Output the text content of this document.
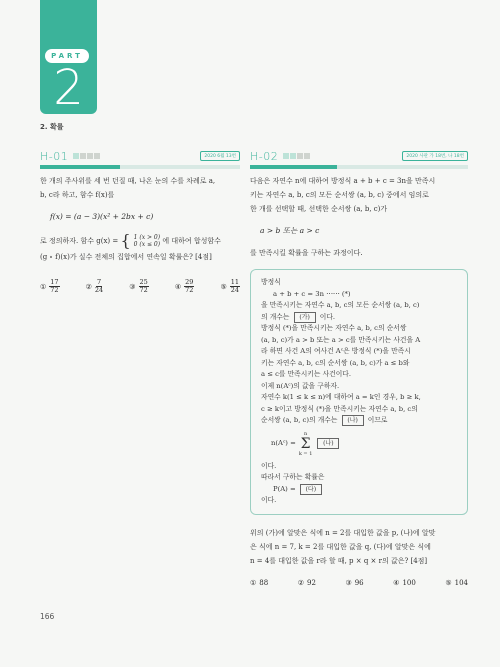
PART
2
2. 확률
H-01	2020 6월 13번

한 개의 주사위를 세 번 던질 때, 나온 눈의 수를 차례로 a,

b, c라 하고, 함수 f(x)를

f(x) = (a − 3)(x² + 2bx + c)

로 정의하자. 함수 g(x) = { 1 (x > 0)
0 (x ≤ 0) 에 대하여 합성함수

(g ∘ f)(x)가 실수 전체의 집합에서 연속일 확률은? [4점]

① $\frac{17}{72}$	② $\frac{7}{24}$	③ $\frac{25}{72}$	④ $\frac{29}{72}$	⑤ $\frac{11}{24}$
H-02	2020 사관 가 18번, 나 18번

다음은 자연수 n에 대하여 방정식 a + b + c = 3n을 만족시

키는 자연수 a, b, c의 모든 순서쌍 (a, b, c) 중에서 임의로

한 개를 선택할 때, 선택한 순서쌍 (a, b, c)가

a > b 또는 a > c

를 만족시킬 확률을 구하는 과정이다.

방정식
a + b + c = 3n ⋯⋯ (*)
을 만족시키는 자연수 a, b, c의 모든 순서쌍 (a, b, c)
의 개수는 (가) 이다.
방정식 (*)을 만족시키는 자연수 a, b, c의 순서쌍
(a, b, c)가 a > b 또는 a > c를 만족시키는 사건을 A
라 하면 사건 A의 여사건 Aᶜ은 방정식 (*)을 만족시
키는 자연수 a, b, c의 순서쌍 (a, b, c)가 a ≤ b와
a ≤ c를 만족시키는 사건이다.
이제 n(Aᶜ)의 값을 구하자.
자연수 k(1 ≤ k ≤ n)에 대하여 a = k인 경우, b ≥ k,
c ≥ k이고 방정식 (*)을 만족시키는 자연수 a, b, c의
순서쌍 (a, b, c)의 개수는 (나) 이므로
n(Aᶜ) =
n
Σ
k = 1
(나)
이다.
따라서 구하는 확률은
P(A) = (다)
이다.

위의 (가)에 알맞은 식에 n = 2를 대입한 값을 p, (나)에 알맞

은 식에 n = 7, k = 2를 대입한 값을 q, (다)에 알맞은 식에

n = 4를 대입한 값을 r라 할 때, p × q × r의 값은? [4점]

① 88	② 92	③ 96	④ 100	⑤ 104
166
